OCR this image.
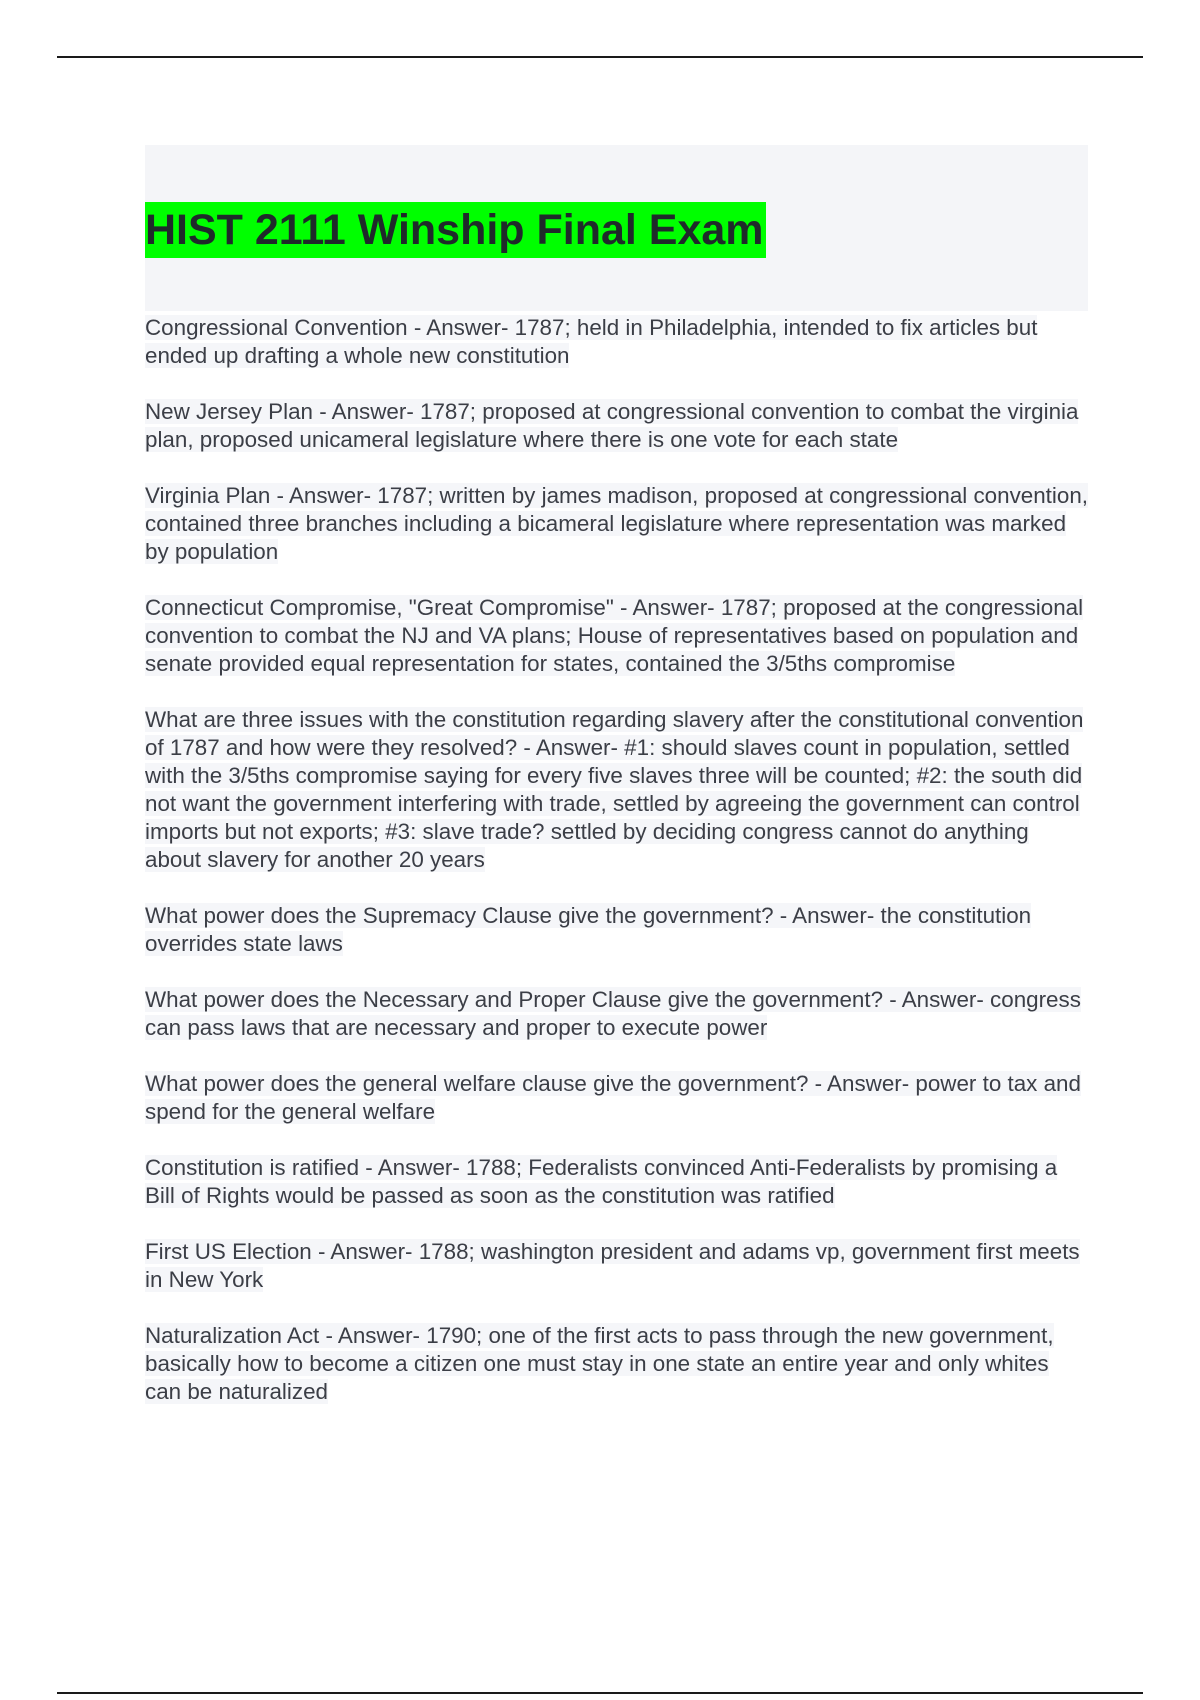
HIST 2111 Winship Final Exam
Congressional Convention - Answer- 1787; held in Philadelphia, intended to fix articles but ended up drafting a whole new constitution
New Jersey Plan - Answer- 1787; proposed at congressional convention to combat the virginia plan, proposed unicameral legislature where there is one vote for each state
Virginia Plan - Answer- 1787; written by james madison, proposed at congressional convention, contained three branches including a bicameral legislature where representation was marked by population
Connecticut Compromise, "Great Compromise" - Answer- 1787; proposed at the congressional convention to combat the NJ and VA plans; House of representatives based on population and senate provided equal representation for states, contained the 3/5ths compromise
What are three issues with the constitution regarding slavery after the constitutional convention of 1787 and how were they resolved? - Answer- #1: should slaves count in population, settled with the 3/5ths compromise saying for every five slaves three will be counted; #2: the south did not want the government interfering with trade, settled by agreeing the government can control imports but not exports; #3: slave trade? settled by deciding congress cannot do anything about slavery for another 20 years
What power does the Supremacy Clause give the government? - Answer- the constitution overrides state laws
What power does the Necessary and Proper Clause give the government? - Answer- congress can pass laws that are necessary and proper to execute power
What power does the general welfare clause give the government? - Answer- power to tax and spend for the general welfare
Constitution is ratified - Answer- 1788; Federalists convinced Anti-Federalists by promising a Bill of Rights would be passed as soon as the constitution was ratified
First US Election - Answer- 1788; washington president and adams vp, government first meets in New York
Naturalization Act - Answer- 1790; one of the first acts to pass through the new government, basically how to become a citizen one must stay in one state an entire year and only whites can be naturalized
